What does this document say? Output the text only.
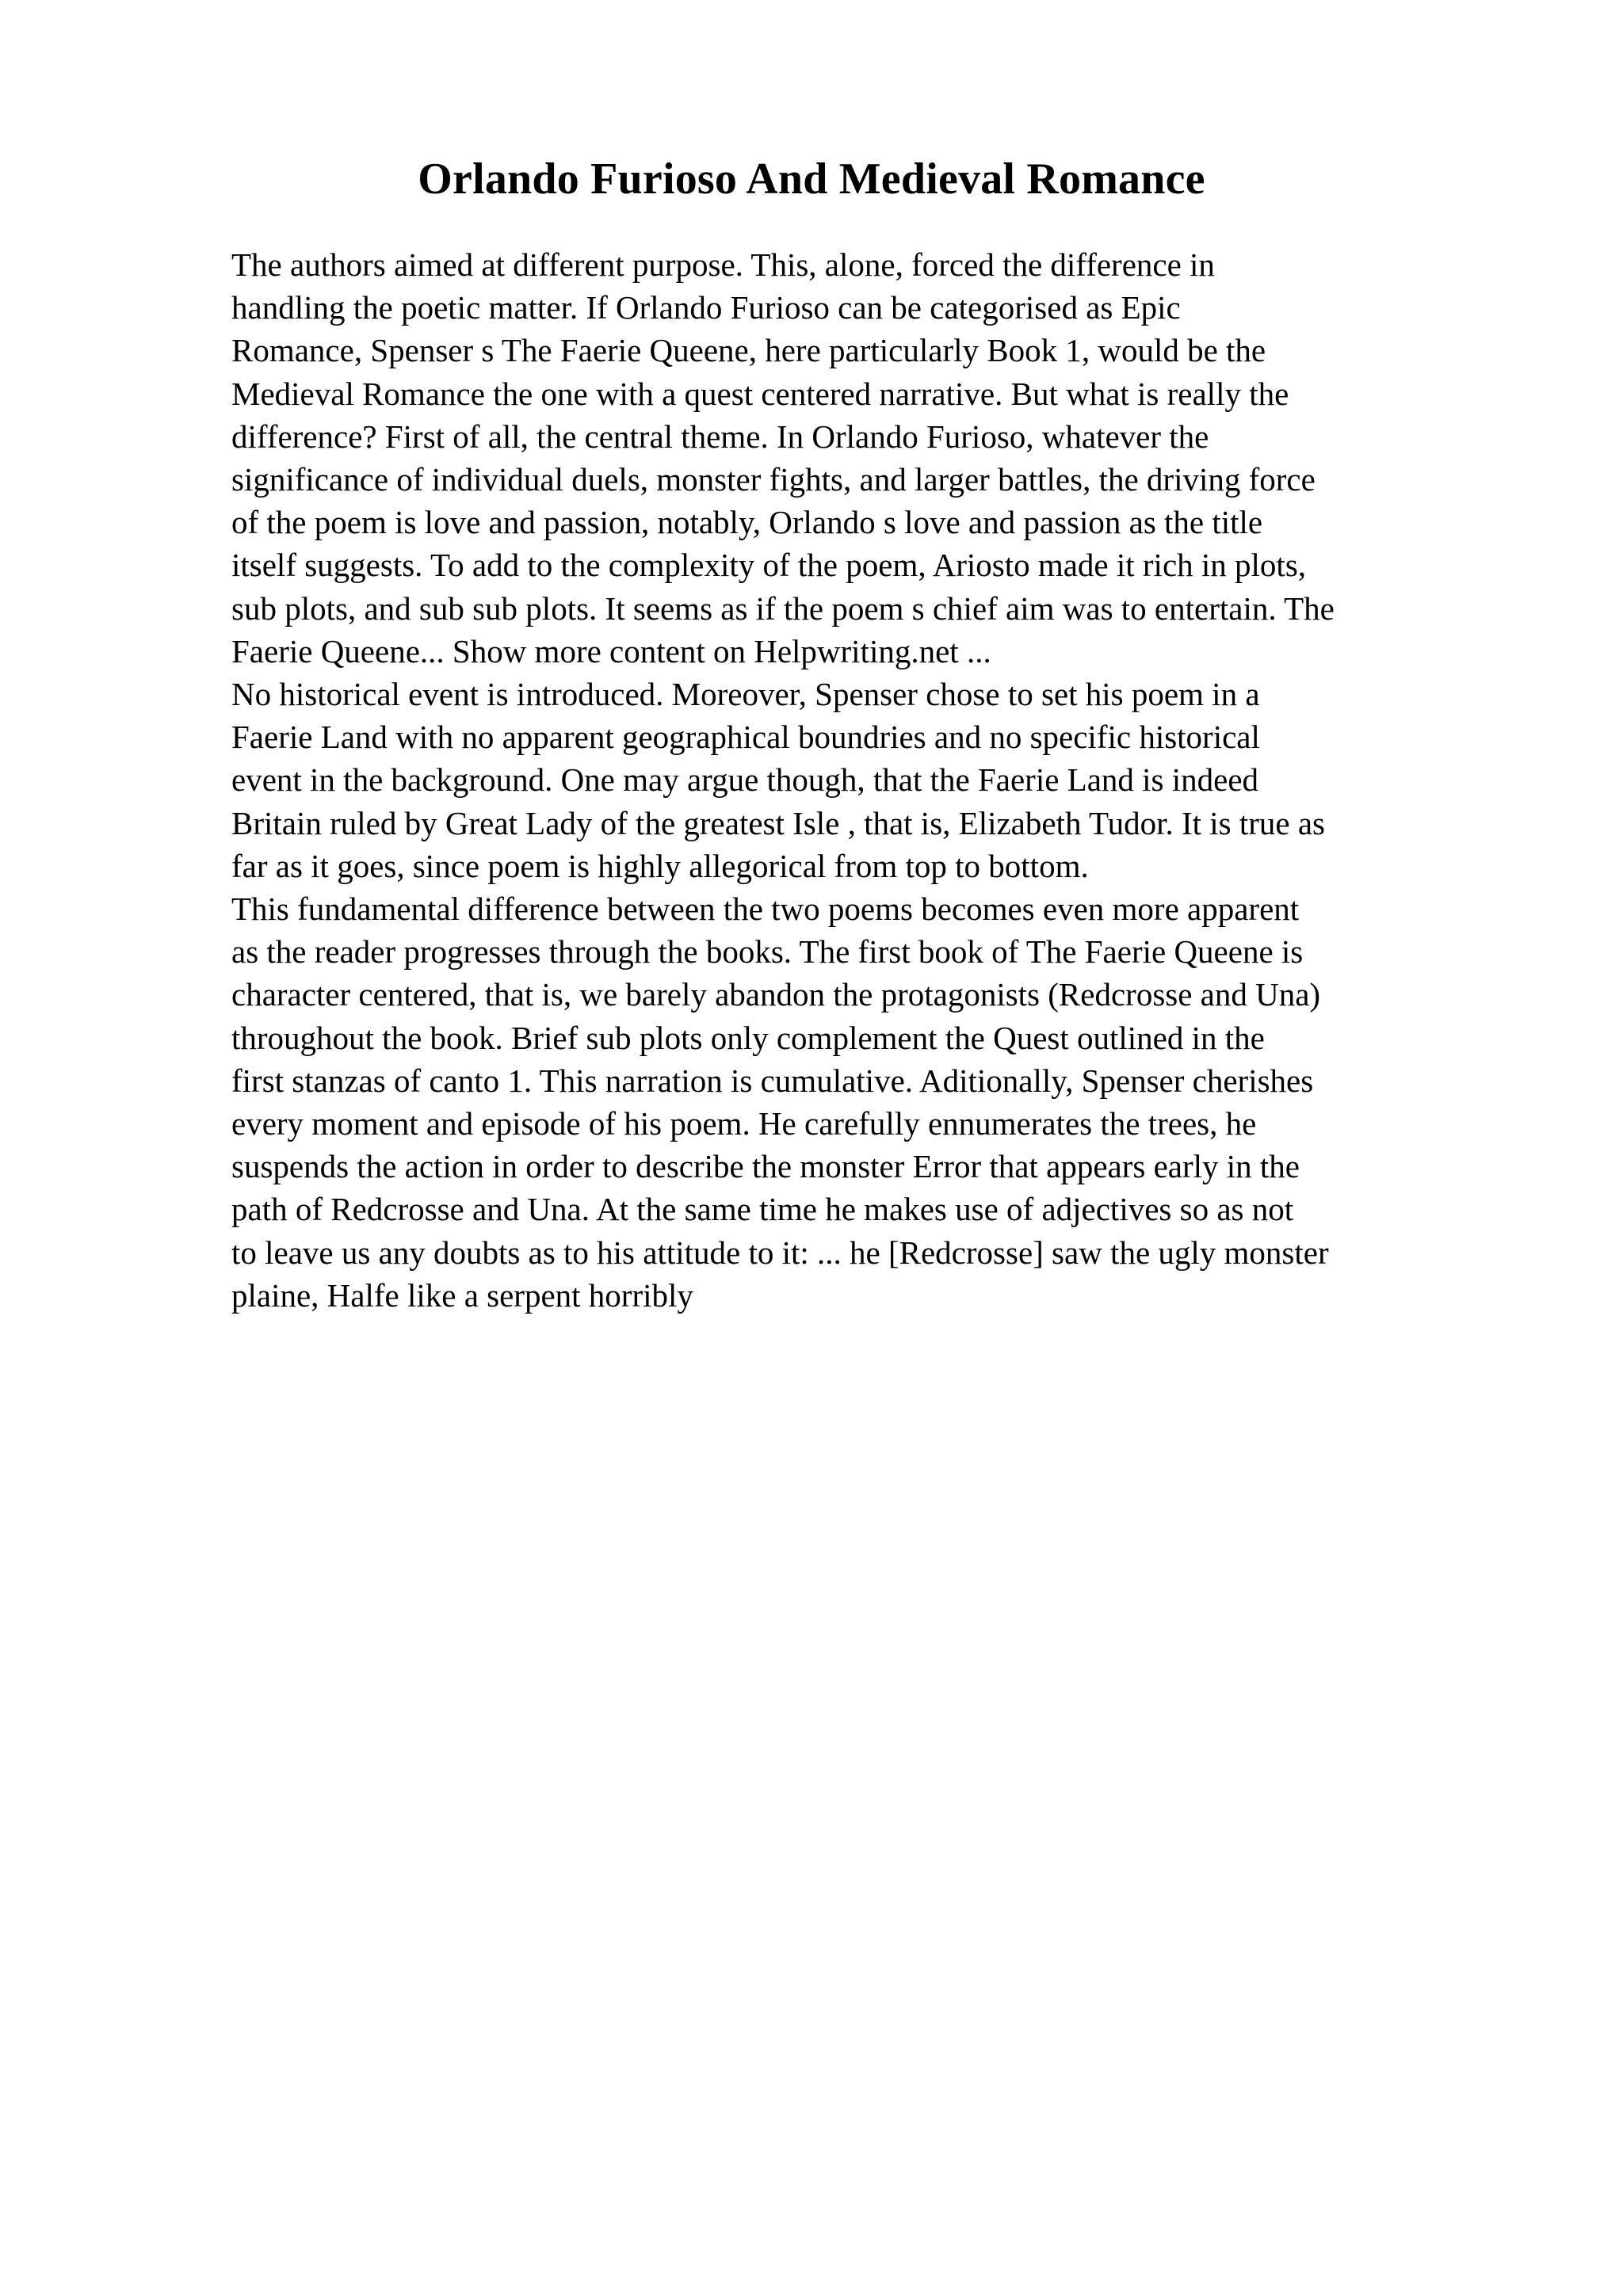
Orlando Furioso And Medieval Romance
The authors aimed at different purpose. This, alone, forced the difference in
handling the poetic matter. If Orlando Furioso can be categorised as Epic
Romance, Spenser s The Faerie Queene, here particularly Book 1, would be the
Medieval Romance the one with a quest centered narrative. But what is really the
difference? First of all, the central theme. In Orlando Furioso, whatever the
significance of individual duels, monster fights, and larger battles, the driving force
of the poem is love and passion, notably, Orlando s love and passion as the title
itself suggests. To add to the complexity of the poem, Ariosto made it rich in plots,
sub plots, and sub sub plots. It seems as if the poem s chief aim was to entertain. The
Faerie Queene... Show more content on Helpwriting.net ...
No historical event is introduced. Moreover, Spenser chose to set his poem in a
Faerie Land with no apparent geographical boundries and no specific historical
event in the background. One may argue though, that the Faerie Land is indeed
Britain ruled by Great Lady of the greatest Isle , that is, Elizabeth Tudor. It is true as
far as it goes, since poem is highly allegorical from top to bottom.
This fundamental difference between the two poems becomes even more apparent
as the reader progresses through the books. The first book of The Faerie Queene is
character centered, that is, we barely abandon the protagonists (Redcrosse and Una)
throughout the book. Brief sub plots only complement the Quest outlined in the
first stanzas of canto 1. This narration is cumulative. Aditionally, Spenser cherishes
every moment and episode of his poem. He carefully ennumerates the trees, he
suspends the action in order to describe the monster Error that appears early in the
path of Redcrosse and Una. At the same time he makes use of adjectives so as not
to leave us any doubts as to his attitude to it: ... he [Redcrosse] saw the ugly monster
plaine, Halfe like a serpent horribly
